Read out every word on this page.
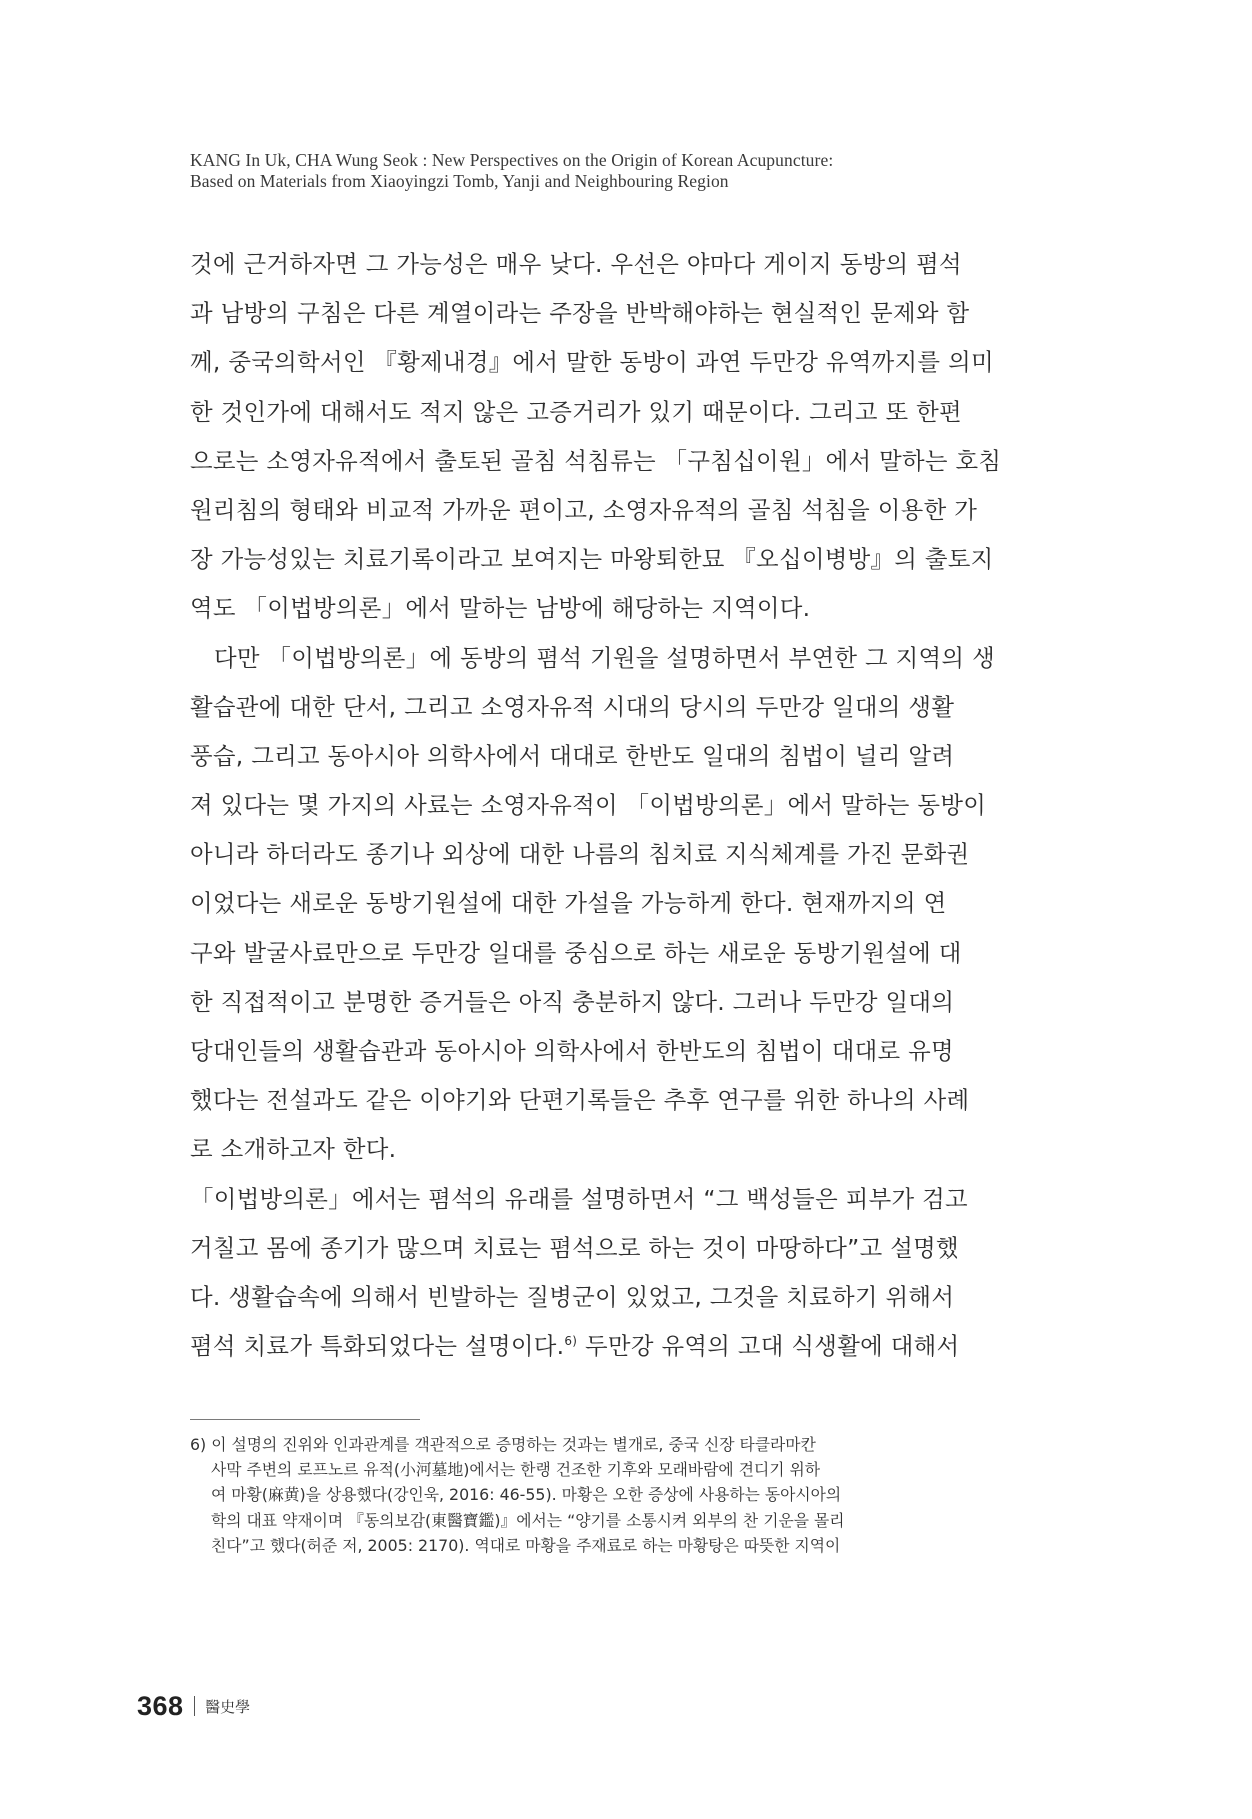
KANG In Uk, CHA Wung Seok : New Perspectives on the Origin of Korean Acupuncture:
Based on Materials from Xiaoyingzi Tomb, Yanji and Neighbouring Region
것에 근거하자면 그 가능성은 매우 낮다. 우선은 야마다 게이지 동방의 폄석
과 남방의 구침은 다른 계열이라는 주장을 반박해야하는 현실적인 문제와 함
께, 중국의학서인 『황제내경』에서 말한 동방이 과연 두만강 유역까지를 의미
한 것인가에 대해서도 적지 않은 고증거리가 있기 때문이다. 그리고 또 한편
으로는 소영자유적에서 출토된 골침 석침류는 「구침십이원」에서 말하는 호침
원리침의 형태와 비교적 가까운 편이고, 소영자유적의 골침 석침을 이용한 가
장 가능성있는 치료기록이라고 보여지는 마왕퇴한묘 『오십이병방』의 출토지
역도 「이법방의론」에서 말하는 남방에 해당하는 지역이다.
다만 「이법방의론」에 동방의 폄석 기원을 설명하면서 부연한 그 지역의 생
활습관에 대한 단서, 그리고 소영자유적 시대의 당시의 두만강 일대의 생활
풍습, 그리고 동아시아 의학사에서 대대로 한반도 일대의 침법이 널리 알려
져 있다는 몇 가지의 사료는 소영자유적이 「이법방의론」에서 말하는 동방이
아니라 하더라도 종기나 외상에 대한 나름의 침치료 지식체계를 가진 문화권
이었다는 새로운 동방기원설에 대한 가설을 가능하게 한다. 현재까지의 연
구와 발굴사료만으로 두만강 일대를 중심으로 하는 새로운 동방기원설에 대
한 직접적이고 분명한 증거들은 아직 충분하지 않다. 그러나 두만강 일대의
당대인들의 생활습관과 동아시아 의학사에서 한반도의 침법이 대대로 유명
했다는 전설과도 같은 이야기와 단편기록들은 추후 연구를 위한 하나의 사례
로 소개하고자 한다.
「이법방의론」에서는 폄석의 유래를 설명하면서 “그 백성들은 피부가 검고
거칠고 몸에 종기가 많으며 치료는 폄석으로 하는 것이 마땅하다”고 설명했
다. 생활습속에 의해서 빈발하는 질병군이 있었고, 그것을 치료하기 위해서
폄석 치료가 특화되었다는 설명이다.$^{6)}$ 두만강 유역의 고대 식생활에 대해서
6) 이 설명의 진위와 인과관계를 객관적으로 증명하는 것과는 별개로, 중국 신장 타클라마칸
사막 주변의 로프노르 유적(小河墓地)에서는 한랭 건조한 기후와 모래바람에 견디기 위하
여 마황(麻黄)을 상용했다(강인욱, 2016: 46-55). 마황은 오한 증상에 사용하는 동아시아의
학의 대표 약재이며 『동의보감(東醫寶鑑)』에서는 “양기를 소통시켜 외부의 찬 기운을 몰리
친다”고 했다(허준 저, 2005: 2170). 역대로 마황을 주재료로 하는 마황탕은 따뜻한 지역이
368 醫史學
